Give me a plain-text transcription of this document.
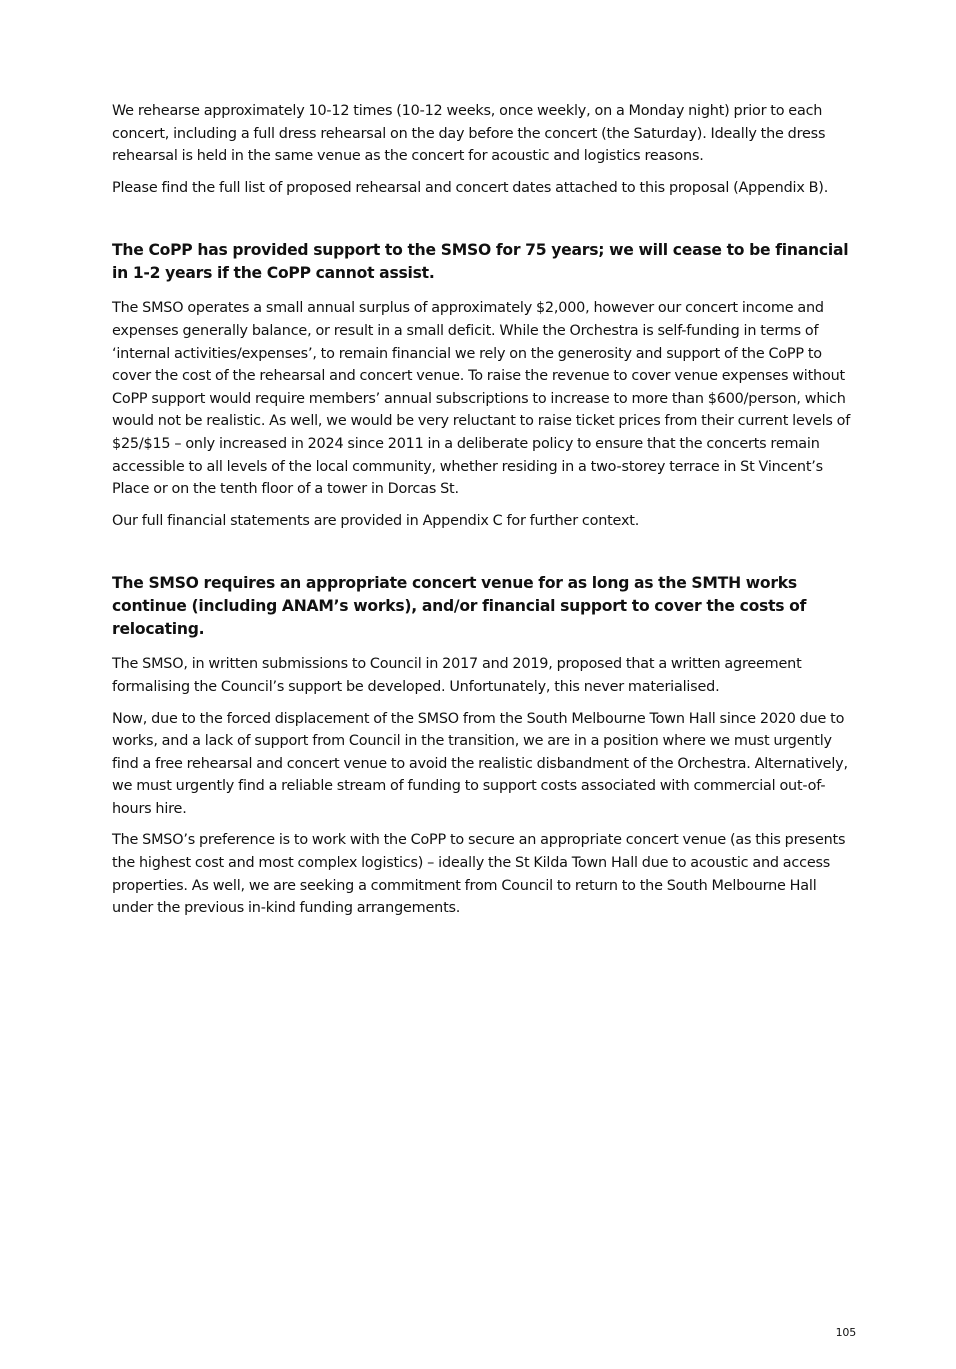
We rehearse approximately 10-12 times (10-12 weeks, once weekly, on a Monday night) prior to each concert, including a full dress rehearsal on the day before the concert (the Saturday). Ideally the dress rehearsal is held in the same venue as the concert for acoustic and logistics reasons.

Please find the full list of proposed rehearsal and concert dates attached to this proposal (Appendix B).

The CoPP has provided support to the SMSO for 75 years; we will cease to be financial in 1-2 years if the CoPP cannot assist.

The SMSO operates a small annual surplus of approximately $2,000, however our concert income and expenses generally balance, or result in a small deficit. While the Orchestra is self-funding in terms of ‘internal activities/expenses’, to remain financial we rely on the generosity and support of the CoPP to cover the cost of the rehearsal and concert venue. To raise the revenue to cover venue expenses without CoPP support would require members’ annual subscriptions to increase to more than $600/person, which would not be realistic. As well, we would be very reluctant to raise ticket prices from their current levels of $25/$15 – only increased in 2024 since 2011 in a deliberate policy to ensure that the concerts remain accessible to all levels of the local community, whether residing in a two-storey terrace in St Vincent’s Place or on the tenth floor of a tower in Dorcas St.

Our full financial statements are provided in Appendix C for further context.

The SMSO requires an appropriate concert venue for as long as the SMTH works continue (including ANAM’s works), and/or financial support to cover the costs of relocating.

The SMSO, in written submissions to Council in 2017 and 2019, proposed that a written agreement formalising the Council’s support be developed. Unfortunately, this never materialised.

Now, due to the forced displacement of the SMSO from the South Melbourne Town Hall since 2020 due to works, and a lack of support from Council in the transition, we are in a position where we must urgently find a free rehearsal and concert venue to avoid the realistic disbandment of the Orchestra. Alternatively, we must urgently find a reliable stream of funding to support costs associated with commercial out-of-hours hire.

The SMSO’s preference is to work with the CoPP to secure an appropriate concert venue (as this presents the highest cost and most complex logistics) – ideally the St Kilda Town Hall due to acoustic and access properties. As well, we are seeking a commitment from Council to return to the South Melbourne Hall under the previous in-kind funding arrangements.

105
